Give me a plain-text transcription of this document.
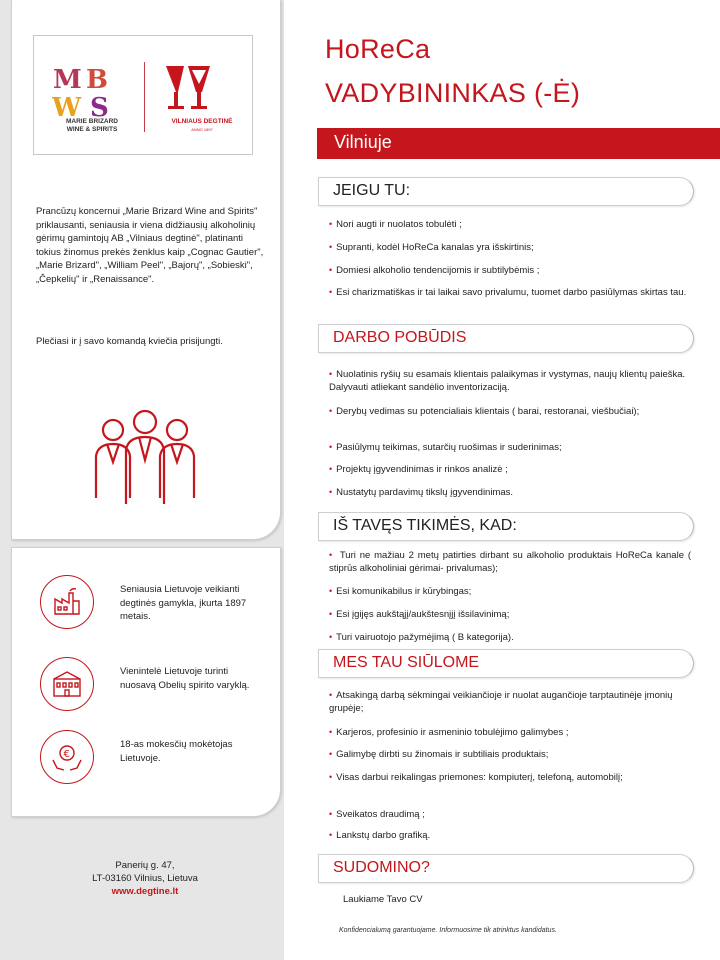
M B
W S
MARIE BRIZARD
WINE & SPIRITS
VILNIAUS DEGTINĖ
ANNO 1897

Prancūzų koncernui „Marie Brizard Wine and Spirits" priklausanti, seniausia ir viena didžiausių alkoholinių gėrimų gamintojų AB „Vilniaus degtinė", platinanti tokius žinomus prekės ženklus kaip „Cognac Gautier", „Marie Brizard", „William Peel", „Bajorų", „Sobieski", „Čepkelių" ir „Renaissance".

Plečiasi ir į savo komandą kviečia prisijungti.

Seniausia Lietuvoje veikianti degtinės gamykla, įkurta 1897 metais.
Vienintelė Lietuvoje turinti nuosavą Obelių spirito varyklą.
€
18-as mokesčių mokėtojas Lietuvoje.
Panerių g. 47,
LT-03160 Vilnius, Lietuva
www.degtine.lt
HoReCa
VADYBININKAS (-Ė)
Vilniuje
JEIGU TU:
• Nori augti ir nuolatos tobulėti ;
• Supranti, kodėl HoReCa kanalas yra išskirtinis;
• Domiesi alkoholio tendencijomis ir subtilybėmis ;
• Esi charizmatiškas ir tai laikai savo privalumu, tuomet darbo pasiūlymas skirtas tau.
DARBO POBŪDIS
• Nuolatinis ryšių su esamais klientais palaikymas ir vystymas, naujų klientų paieška. Dalyvauti atliekant sandėlio inventorizaciją.
• Derybų vedimas su potencialiais klientais ( barai, restoranai, viešbučiai);
• Pasiūlymų teikimas, sutarčių ruošimas ir suderinimas;
• Projektų įgyvendinimas ir rinkos analizė ;
• Nustatytų pardavimų tikslų įgyvendinimas.
IŠ TAVĘS TIKIMĖS, KAD:
• Turi ne mažiau 2 metų patirties dirbant su alkoholio produktais HoReCa kanale ( stiprūs alkoholiniai gėrimai- privalumas);
• Esi komunikabilus ir kūrybingas;
• Esi įgijęs aukštąjį/aukštesnįjį išsilavinimą;
• Turi vairuotojo pažymėjimą ( B kategorija).
MES TAU SIŪLOME
• Atsakingą darbą sėkmingai veikiančioje ir nuolat augančioje tarptautinėje įmonių grupėje;
• Karjeros, profesinio ir asmeninio tobulėjimo galimybes ;
• Galimybę dirbti su žinomais ir subtiliais produktais;
• Visas darbui reikalingas priemones: kompiuterį, telefoną, automobilį;
• Sveikatos draudimą ;
• Lankstų darbo grafiką.
SUDOMINO?
Laukiame Tavo CV
Konfidencialumą garantuojame. Informuosime tik atrinktus kandidatus.
